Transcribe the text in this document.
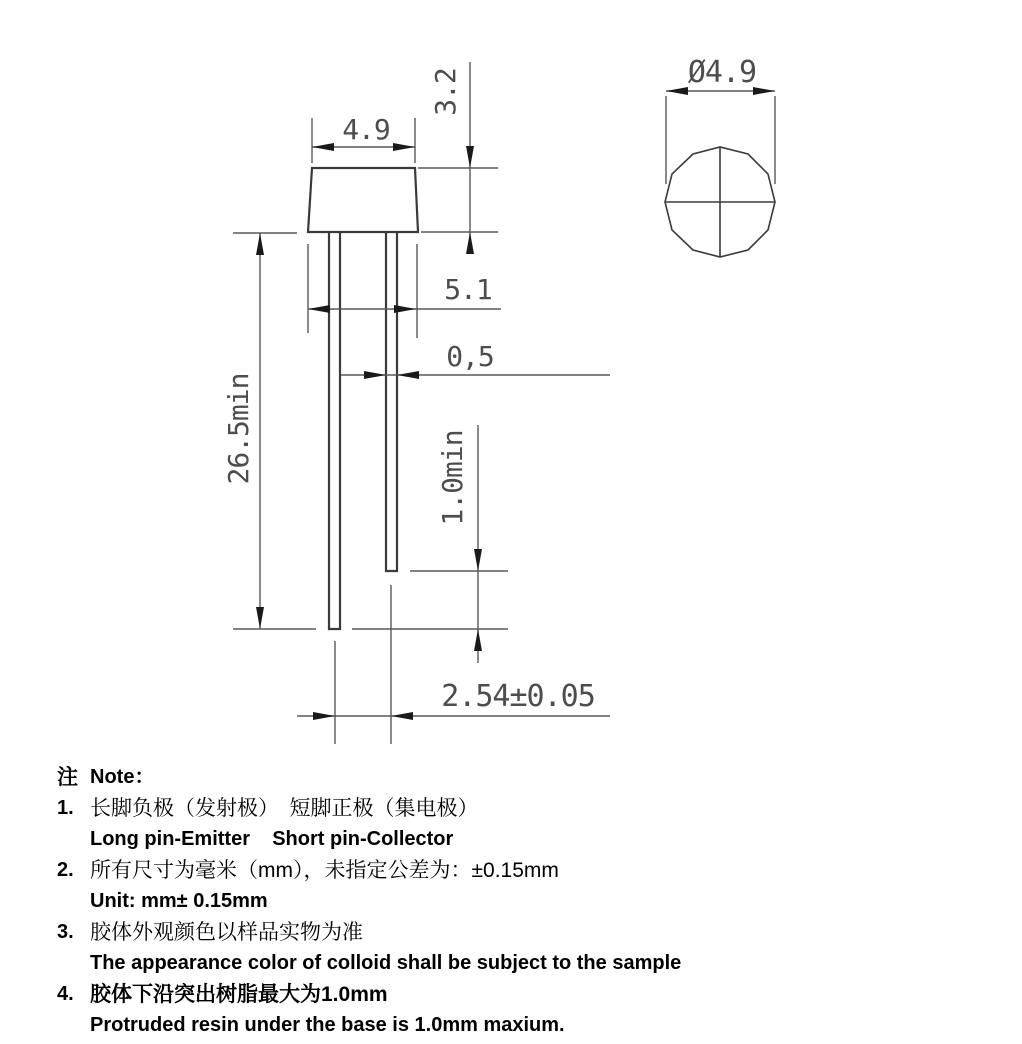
4.9
3.2	Ø4.9
5.1
0,5
26.5min	1.0min
2.54±0.05
注 Note：
1. 长脚负极（发射极）　短脚正极（集电极）
Long pin-Emitter    Short pin-Collector
2. 所有尺寸为毫米（mm），未指定公差为：±0.15mm
Unit: mm± 0.15mm
3. 胶体外观颜色以样品实物为准
The appearance color of colloid shall be subject to the sample
4. 胶体下沿突出树脂最大为1.0mm
Protruded resin under the base is 1.0mm maxium.
